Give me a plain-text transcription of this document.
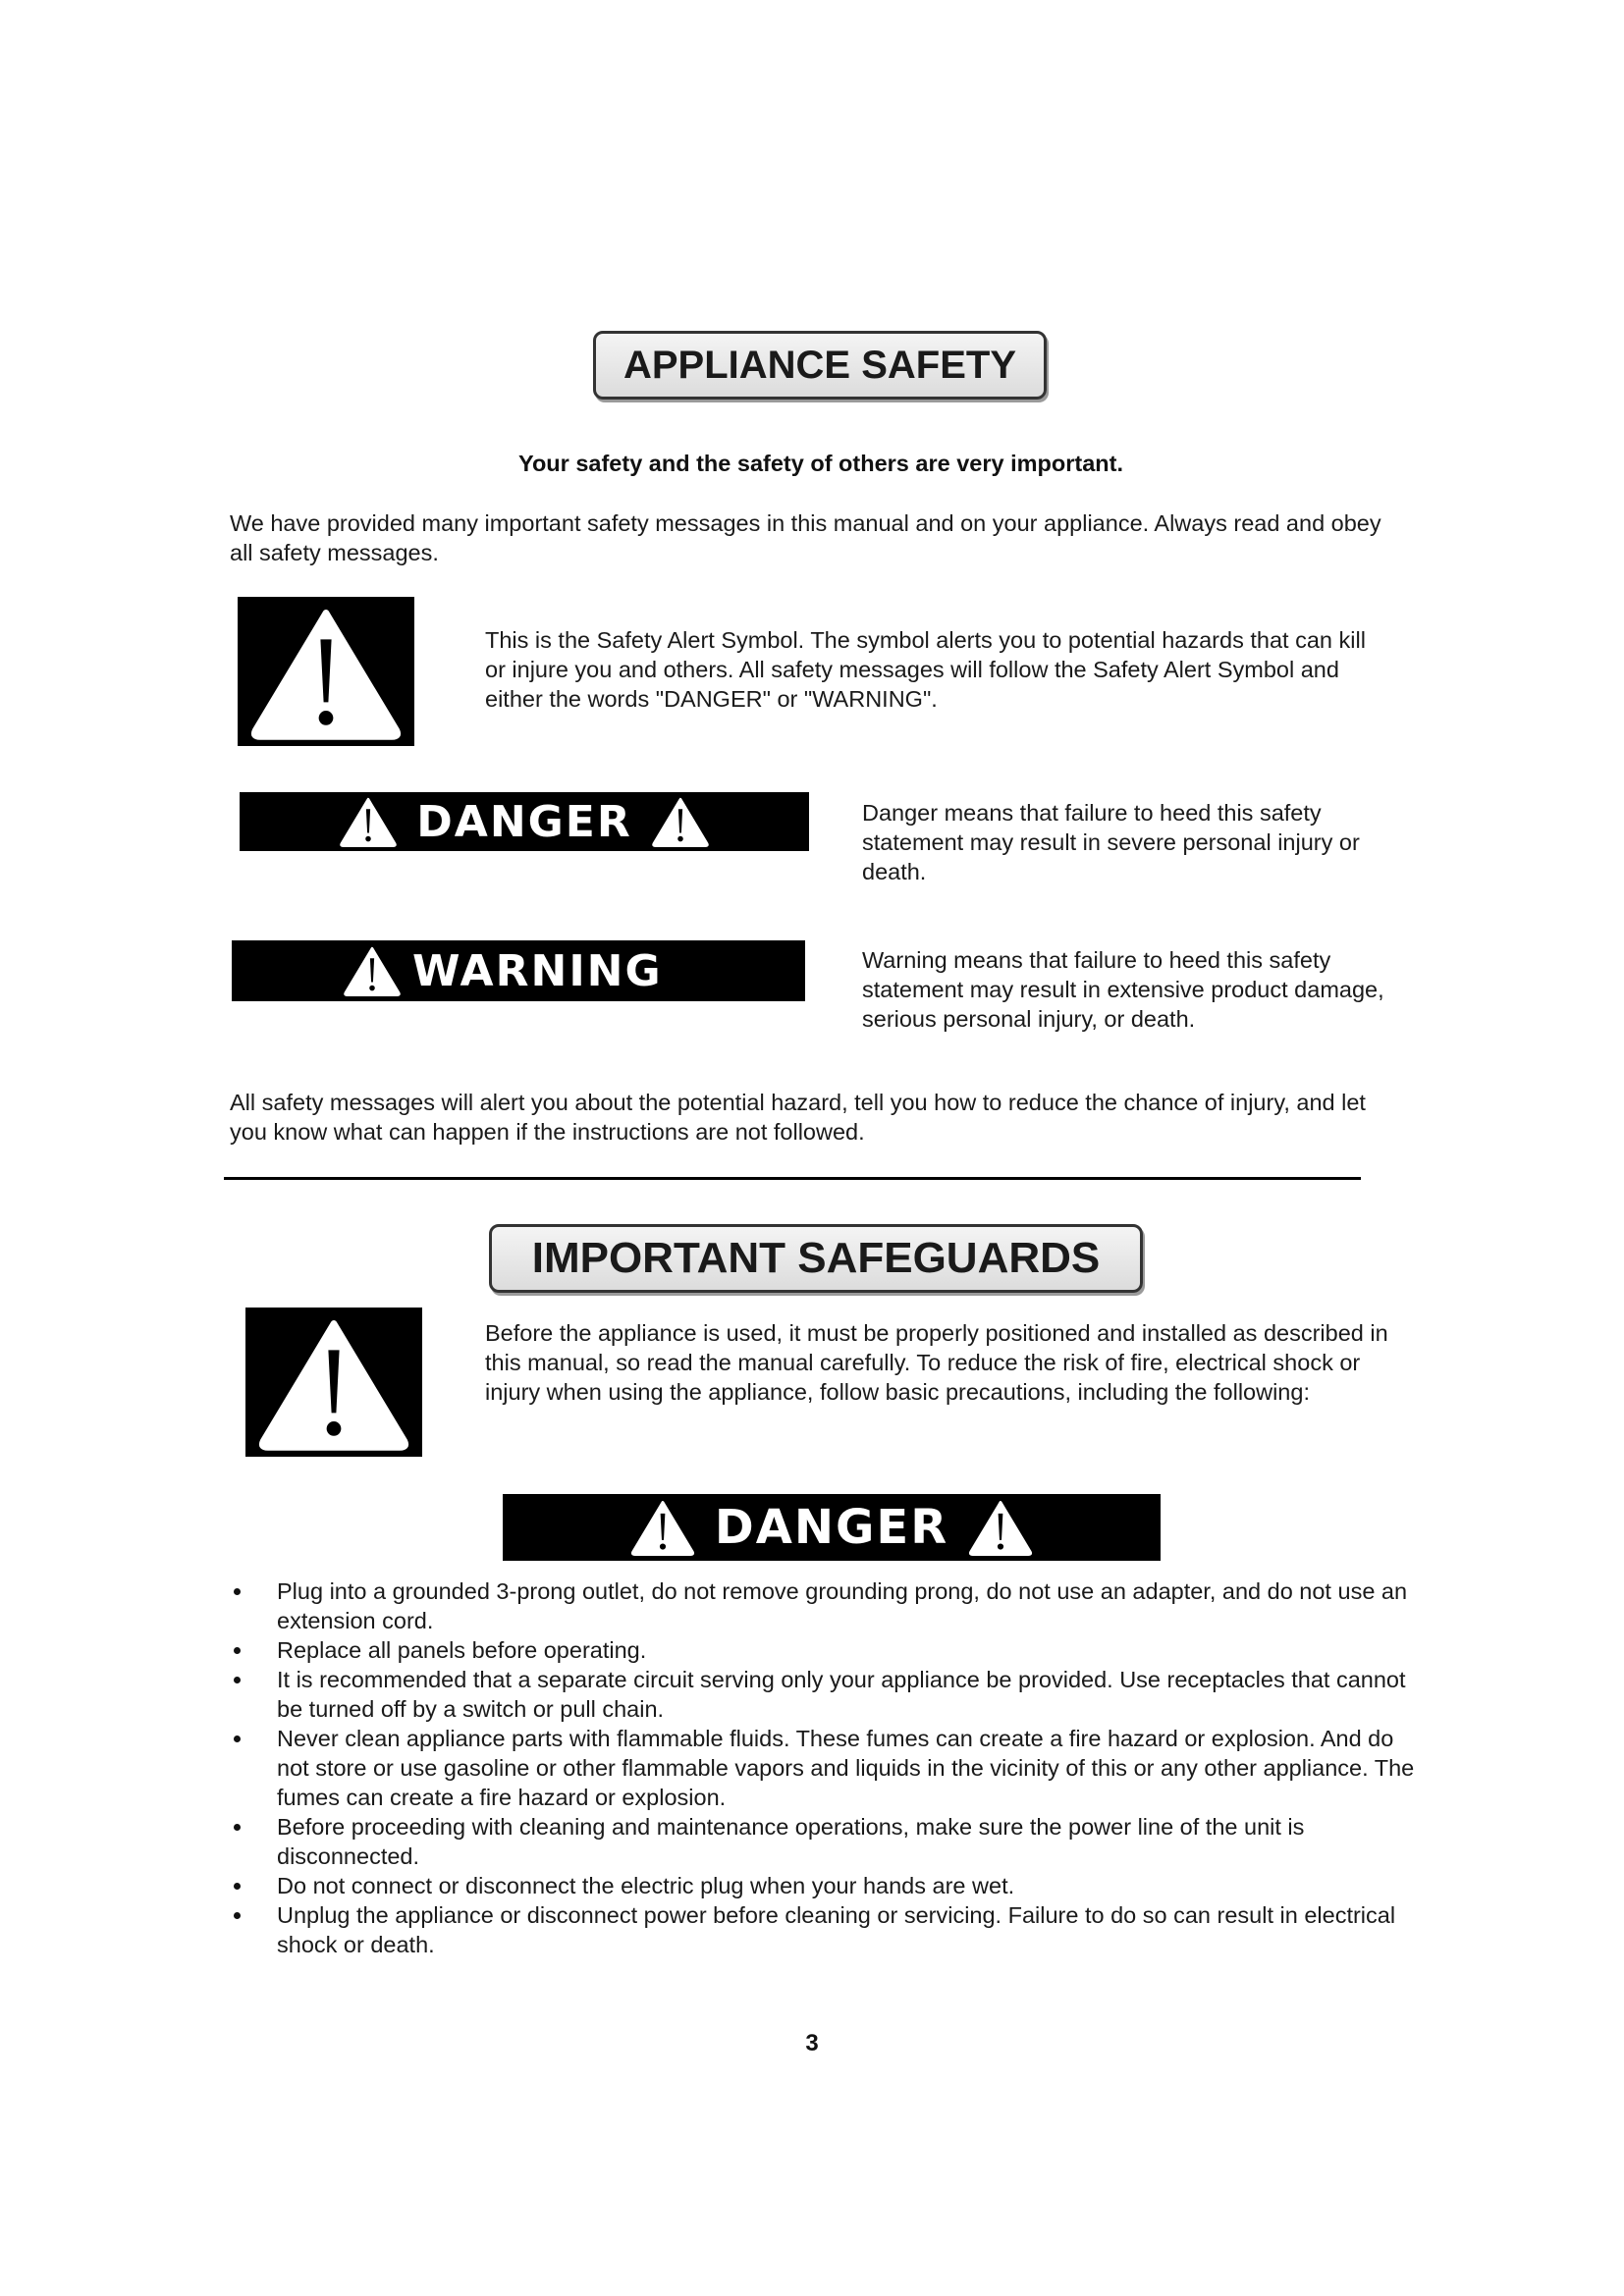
APPLIANCE SAFETY
Your safety and the safety of others are very important.
We have provided many important safety messages in this manual and on your appliance. Always read and obey all safety messages.
This is the Safety Alert Symbol. The symbol alerts you to potential hazards that can kill or injure you and others. All safety messages will follow the Safety Alert Symbol and either the words "DANGER" or "WARNING".
DANGER	Danger means that failure to heed this safety statement may result in severe personal injury or death.
WARNING	Warning means that failure to heed this safety statement may result in extensive product damage, serious personal injury, or death.
All safety messages will alert you about the potential hazard, tell you how to reduce the chance of injury, and let you know what can happen if the instructions are not followed.
IMPORTANT SAFEGUARDS
Before the appliance is used, it must be properly positioned and installed as described in this manual, so read the manual carefully. To reduce the risk of fire, electrical shock or injury when using the appliance, follow basic precautions, including the following:
DANGER
Plug into a grounded 3-prong outlet, do not remove grounding prong, do not use an adapter, and do not use an extension cord.
Replace all panels before operating.
It is recommended that a separate circuit serving only your appliance be provided. Use receptacles that cannot be turned off by a switch or pull chain.
Never clean appliance parts with flammable fluids. These fumes can create a fire hazard or explosion. And do not store or use gasoline or other flammable vapors and liquids in the vicinity of this or any other appliance. The fumes can create a fire hazard or explosion.
Before proceeding with cleaning and maintenance operations, make sure the power line of the unit is disconnected.
Do not connect or disconnect the electric plug when your hands are wet.
Unplug the appliance or disconnect power before cleaning or servicing. Failure to do so can result in electrical shock or death.
3
